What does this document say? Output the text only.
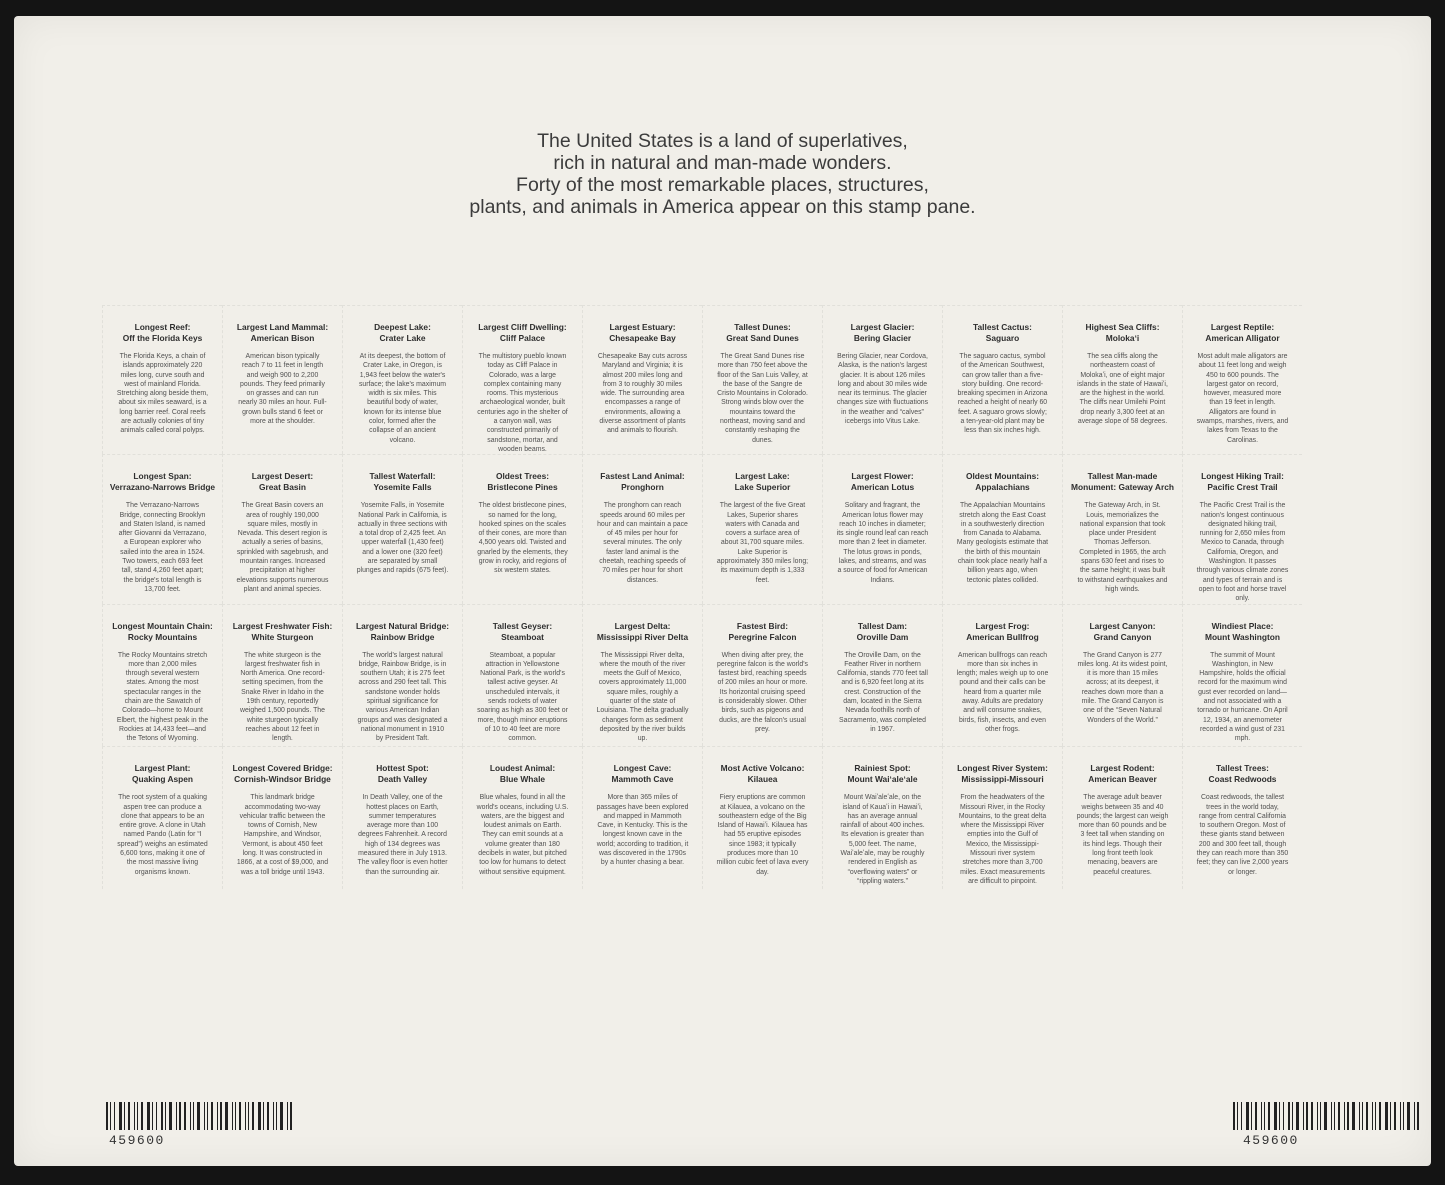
The United States is a land of superlatives,
rich in natural and man-made wonders.
Forty of the most remarkable places, structures,
plants, and animals in America appear on this stamp pane.
Longest Reef:
Off the Florida Keys
The Florida Keys, a chain of islands approximately 220 miles long, curve south and west of mainland Florida. Stretching along beside them, about six miles seaward, is a long barrier reef. Coral reefs are actually colonies of tiny animals called coral polyps.
Largest Land Mammal:
American Bison
American bison typically reach 7 to 11 feet in length and weigh 900 to 2,200 pounds. They feed primarily on grasses and can run nearly 30 miles an hour. Full-grown bulls stand 6 feet or more at the shoulder.
Deepest Lake:
Crater Lake
At its deepest, the bottom of Crater Lake, in Oregon, is 1,943 feet below the water's surface; the lake's maximum width is six miles. This beautiful body of water, known for its intense blue color, formed after the collapse of an ancient volcano.
Largest Cliff Dwelling:
Cliff Palace
The multistory pueblo known today as Cliff Palace in Colorado, was a large complex containing many rooms. This mysterious archaeological wonder, built centuries ago in the shelter of a canyon wall, was constructed primarily of sandstone, mortar, and wooden beams.
Largest Estuary:
Chesapeake Bay
Chesapeake Bay cuts across Maryland and Virginia; it is almost 200 miles long and from 3 to roughly 30 miles wide. The surrounding area encompasses a range of environments, allowing a diverse assortment of plants and animals to flourish.
Tallest Dunes:
Great Sand Dunes
The Great Sand Dunes rise more than 750 feet above the floor of the San Luis Valley, at the base of the Sangre de Cristo Mountains in Colorado. Strong winds blow over the mountains toward the northeast, moving sand and constantly reshaping the dunes.
Largest Glacier:
Bering Glacier
Bering Glacier, near Cordova, Alaska, is the nation's largest glacier. It is about 126 miles long and about 30 miles wide near its terminus. The glacier changes size with fluctuations in the weather and “calves” icebergs into Vitus Lake.
Tallest Cactus:
Saguaro
The saguaro cactus, symbol of the American Southwest, can grow taller than a five-story building. One record-breaking specimen in Arizona reached a height of nearly 60 feet. A saguaro grows slowly; a ten-year-old plant may be less than six inches high.
Highest Sea Cliffs:
Molokaʻi
The sea cliffs along the northeastern coast of Molokaʻi, one of eight major islands in the state of Hawaiʻi, are the highest in the world. The cliffs near Umilehi Point drop nearly 3,300 feet at an average slope of 58 degrees.
Largest Reptile:
American Alligator
Most adult male alligators are about 11 feet long and weigh 450 to 600 pounds. The largest gator on record, however, measured more than 19 feet in length. Alligators are found in swamps, marshes, rivers, and lakes from Texas to the Carolinas.
Longest Span:
Verrazano-Narrows Bridge
The Verrazano-Narrows Bridge, connecting Brooklyn and Staten Island, is named after Giovanni da Verrazano, a European explorer who sailed into the area in 1524. Two towers, each 693 feet tall, stand 4,260 feet apart; the bridge's total length is 13,700 feet.
Largest Desert:
Great Basin
The Great Basin covers an area of roughly 190,000 square miles, mostly in Nevada. This desert region is actually a series of basins, sprinkled with sagebrush, and mountain ranges. Increased precipitation at higher elevations supports numerous plant and animal species.
Tallest Waterfall:
Yosemite Falls
Yosemite Falls, in Yosemite National Park in California, is actually in three sections with a total drop of 2,425 feet. An upper waterfall (1,430 feet) and a lower one (320 feet) are separated by small plunges and rapids (675 feet).
Oldest Trees:
Bristlecone Pines
The oldest bristlecone pines, so named for the long, hooked spines on the scales of their cones, are more than 4,500 years old. Twisted and gnarled by the elements, they grow in rocky, arid regions of six western states.
Fastest Land Animal:
Pronghorn
The pronghorn can reach speeds around 60 miles per hour and can maintain a pace of 45 miles per hour for several minutes. The only faster land animal is the cheetah, reaching speeds of 70 miles per hour for short distances.
Largest Lake:
Lake Superior
The largest of the five Great Lakes, Superior shares waters with Canada and covers a surface area of about 31,700 square miles. Lake Superior is approximately 350 miles long; its maximum depth is 1,333 feet.
Largest Flower:
American Lotus
Solitary and fragrant, the American lotus flower may reach 10 inches in diameter; its single round leaf can reach more than 2 feet in diameter. The lotus grows in ponds, lakes, and streams, and was a source of food for American Indians.
Oldest Mountains:
Appalachians
The Appalachian Mountains stretch along the East Coast in a southwesterly direction from Canada to Alabama. Many geologists estimate that the birth of this mountain chain took place nearly half a billion years ago, when tectonic plates collided.
Tallest Man-made
Monument: Gateway Arch
The Gateway Arch, in St. Louis, memorializes the national expansion that took place under President Thomas Jefferson. Completed in 1965, the arch spans 630 feet and rises to the same height; it was built to withstand earthquakes and high winds.
Longest Hiking Trail:
Pacific Crest Trail
The Pacific Crest Trail is the nation's longest continuous designated hiking trail, running for 2,650 miles from Mexico to Canada, through California, Oregon, and Washington. It passes through various climate zones and types of terrain and is open to foot and horse travel only.
Longest Mountain Chain:
Rocky Mountains
The Rocky Mountains stretch more than 2,000 miles through several western states. Among the most spectacular ranges in the chain are the Sawatch of Colorado—home to Mount Elbert, the highest peak in the Rockies at 14,433 feet—and the Tetons of Wyoming.
Largest Freshwater Fish:
White Sturgeon
The white sturgeon is the largest freshwater fish in North America. One record-setting specimen, from the Snake River in Idaho in the 19th century, reportedly weighed 1,500 pounds. The white sturgeon typically reaches about 12 feet in length.
Largest Natural Bridge:
Rainbow Bridge
The world's largest natural bridge, Rainbow Bridge, is in southern Utah; it is 275 feet across and 290 feet tall. This sandstone wonder holds spiritual significance for various American Indian groups and was designated a national monument in 1910 by President Taft.
Tallest Geyser:
Steamboat
Steamboat, a popular attraction in Yellowstone National Park, is the world's tallest active geyser. At unscheduled intervals, it sends rockets of water soaring as high as 300 feet or more, though minor eruptions of 10 to 40 feet are more common.
Largest Delta:
Mississippi River Delta
The Mississippi River delta, where the mouth of the river meets the Gulf of Mexico, covers approximately 11,000 square miles, roughly a quarter of the state of Louisiana. The delta gradually changes form as sediment deposited by the river builds up.
Fastest Bird:
Peregrine Falcon
When diving after prey, the peregrine falcon is the world's fastest bird, reaching speeds of 200 miles an hour or more. Its horizontal cruising speed is considerably slower. Other birds, such as pigeons and ducks, are the falcon's usual prey.
Tallest Dam:
Oroville Dam
The Oroville Dam, on the Feather River in northern California, stands 770 feet tall and is 6,920 feet long at its crest. Construction of the dam, located in the Sierra Nevada foothills north of Sacramento, was completed in 1967.
Largest Frog:
American Bullfrog
American bullfrogs can reach more than six inches in length; males weigh up to one pound and their calls can be heard from a quarter mile away. Adults are predatory and will consume snakes, birds, fish, insects, and even other frogs.
Largest Canyon:
Grand Canyon
The Grand Canyon is 277 miles long. At its widest point, it is more than 15 miles across; at its deepest, it reaches down more than a mile. The Grand Canyon is one of the “Seven Natural Wonders of the World.”
Windiest Place:
Mount Washington
The summit of Mount Washington, in New Hampshire, holds the official record for the maximum wind gust ever recorded on land—and not associated with a tornado or hurricane. On April 12, 1934, an anemometer recorded a wind gust of 231 mph.
Largest Plant:
Quaking Aspen
The root system of a quaking aspen tree can produce a clone that appears to be an entire grove. A clone in Utah named Pando (Latin for “I spread”) weighs an estimated 6,600 tons, making it one of the most massive living organisms known.
Longest Covered Bridge:
Cornish-Windsor Bridge
This landmark bridge accommodating two-way vehicular traffic between the towns of Cornish, New Hampshire, and Windsor, Vermont, is about 450 feet long. It was constructed in 1866, at a cost of $9,000, and was a toll bridge until 1943.
Hottest Spot:
Death Valley
In Death Valley, one of the hottest places on Earth, summer temperatures average more than 100 degrees Fahrenheit. A record high of 134 degrees was measured there in July 1913. The valley floor is even hotter than the surrounding air.
Loudest Animal:
Blue Whale
Blue whales, found in all the world's oceans, including U.S. waters, are the biggest and loudest animals on Earth. They can emit sounds at a volume greater than 180 decibels in water, but pitched too low for humans to detect without sensitive equipment.
Longest Cave:
Mammoth Cave
More than 365 miles of passages have been explored and mapped in Mammoth Cave, in Kentucky. This is the longest known cave in the world; according to tradition, it was discovered in the 1790s by a hunter chasing a bear.
Most Active Volcano:
Kilauea
Fiery eruptions are common at Kilauea, a volcano on the southeastern edge of the Big Island of Hawaiʻi. Kilauea has had 55 eruptive episodes since 1983; it typically produces more than 10 million cubic feet of lava every day.
Rainiest Spot:
Mount Waiʻaleʻale
Mount Waiʻaleʻale, on the island of Kauaʻi in Hawaiʻi, has an average annual rainfall of about 400 inches. Its elevation is greater than 5,000 feet. The name, Waiʻaleʻale, may be roughly rendered in English as “overflowing waters” or “rippling waters.”
Longest River System:
Mississippi-Missouri
From the headwaters of the Missouri River, in the Rocky Mountains, to the great delta where the Mississippi River empties into the Gulf of Mexico, the Mississippi-Missouri river system stretches more than 3,700 miles. Exact measurements are difficult to pinpoint.
Largest Rodent:
American Beaver
The average adult beaver weighs between 35 and 40 pounds; the largest can weigh more than 60 pounds and be 3 feet tall when standing on its hind legs. Though their long front teeth look menacing, beavers are peaceful creatures.
Tallest Trees:
Coast Redwoods
Coast redwoods, the tallest trees in the world today, range from central California to southern Oregon. Most of these giants stand between 200 and 300 feet tall, though they can reach more than 350 feet; they can live 2,000 years or longer.
459600	459600
